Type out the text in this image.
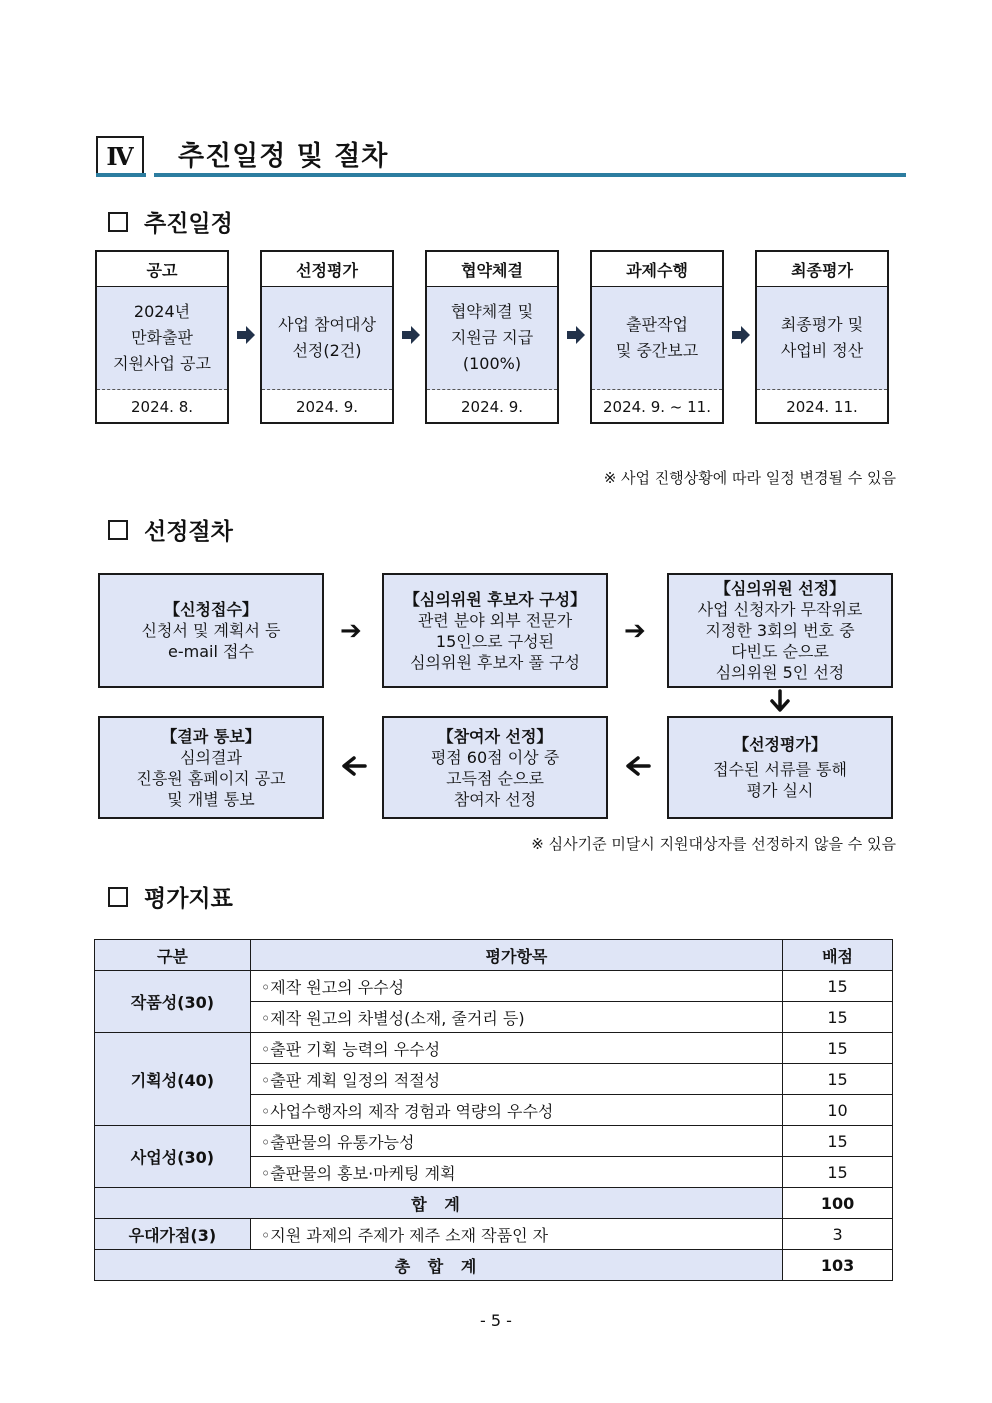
Ⅳ	추진일정 및 절차
추진일정
공고
2024년
만화출판
지원사업 공고
2024. 8.
선정평가
사업 참여대상
선정(2건)
2024. 9.
협약체결
협약체결 및
지원금 지급
(100%)
2024. 9.
과제수행
출판작업
및 중간보고
2024. 9. ~ 11.
최종평가
최종평가 및
사업비 정산
2024. 11.
※ 사업 진행상황에 따라 일정 변경될 수 있음
선정절차
【신청접수】
신청서 및 계획서 등
e-mail 접수
➔
【심의위원 후보자 구성】
관련 분야 외부 전문가
15인으로 구성된
심의위원 후보자 풀 구성
➔
【심의위원 선정】
사업 신청자가 무작위로
지정한 3회의 번호 중
다빈도 순으로
심의위원 5인 선정
【결과 통보】
심의결과
진흥원 홈페이지 공고
및 개별 통보
【참여자 선정】
평점 60점 이상 중
고득점 순으로
참여자 선정
【선정평가】
접수된 서류를 통해
평가 실시
※ 심사기준 미달시 지원대상자를 선정하지 않을 수 있음
평가지표
구분	평가항목	배점
작품성(30)	◦제작 원고의 우수성	15
	◦제작 원고의 차별성(소재, 줄거리 등)	15
기획성(40)	◦출판 기획 능력의 우수성	15
	◦출판 계획 일정의 적절성	15
	◦사업수행자의 제작 경험과 역량의 우수성	10
사업성(30)	◦출판물의 유통가능성	15
	◦출판물의 홍보·마케팅 계획	15
합 계		100
우대가점(3)	◦지원 과제의 주제가 제주 소재 작품인 자	3
총 합 계		103
- 5 -
